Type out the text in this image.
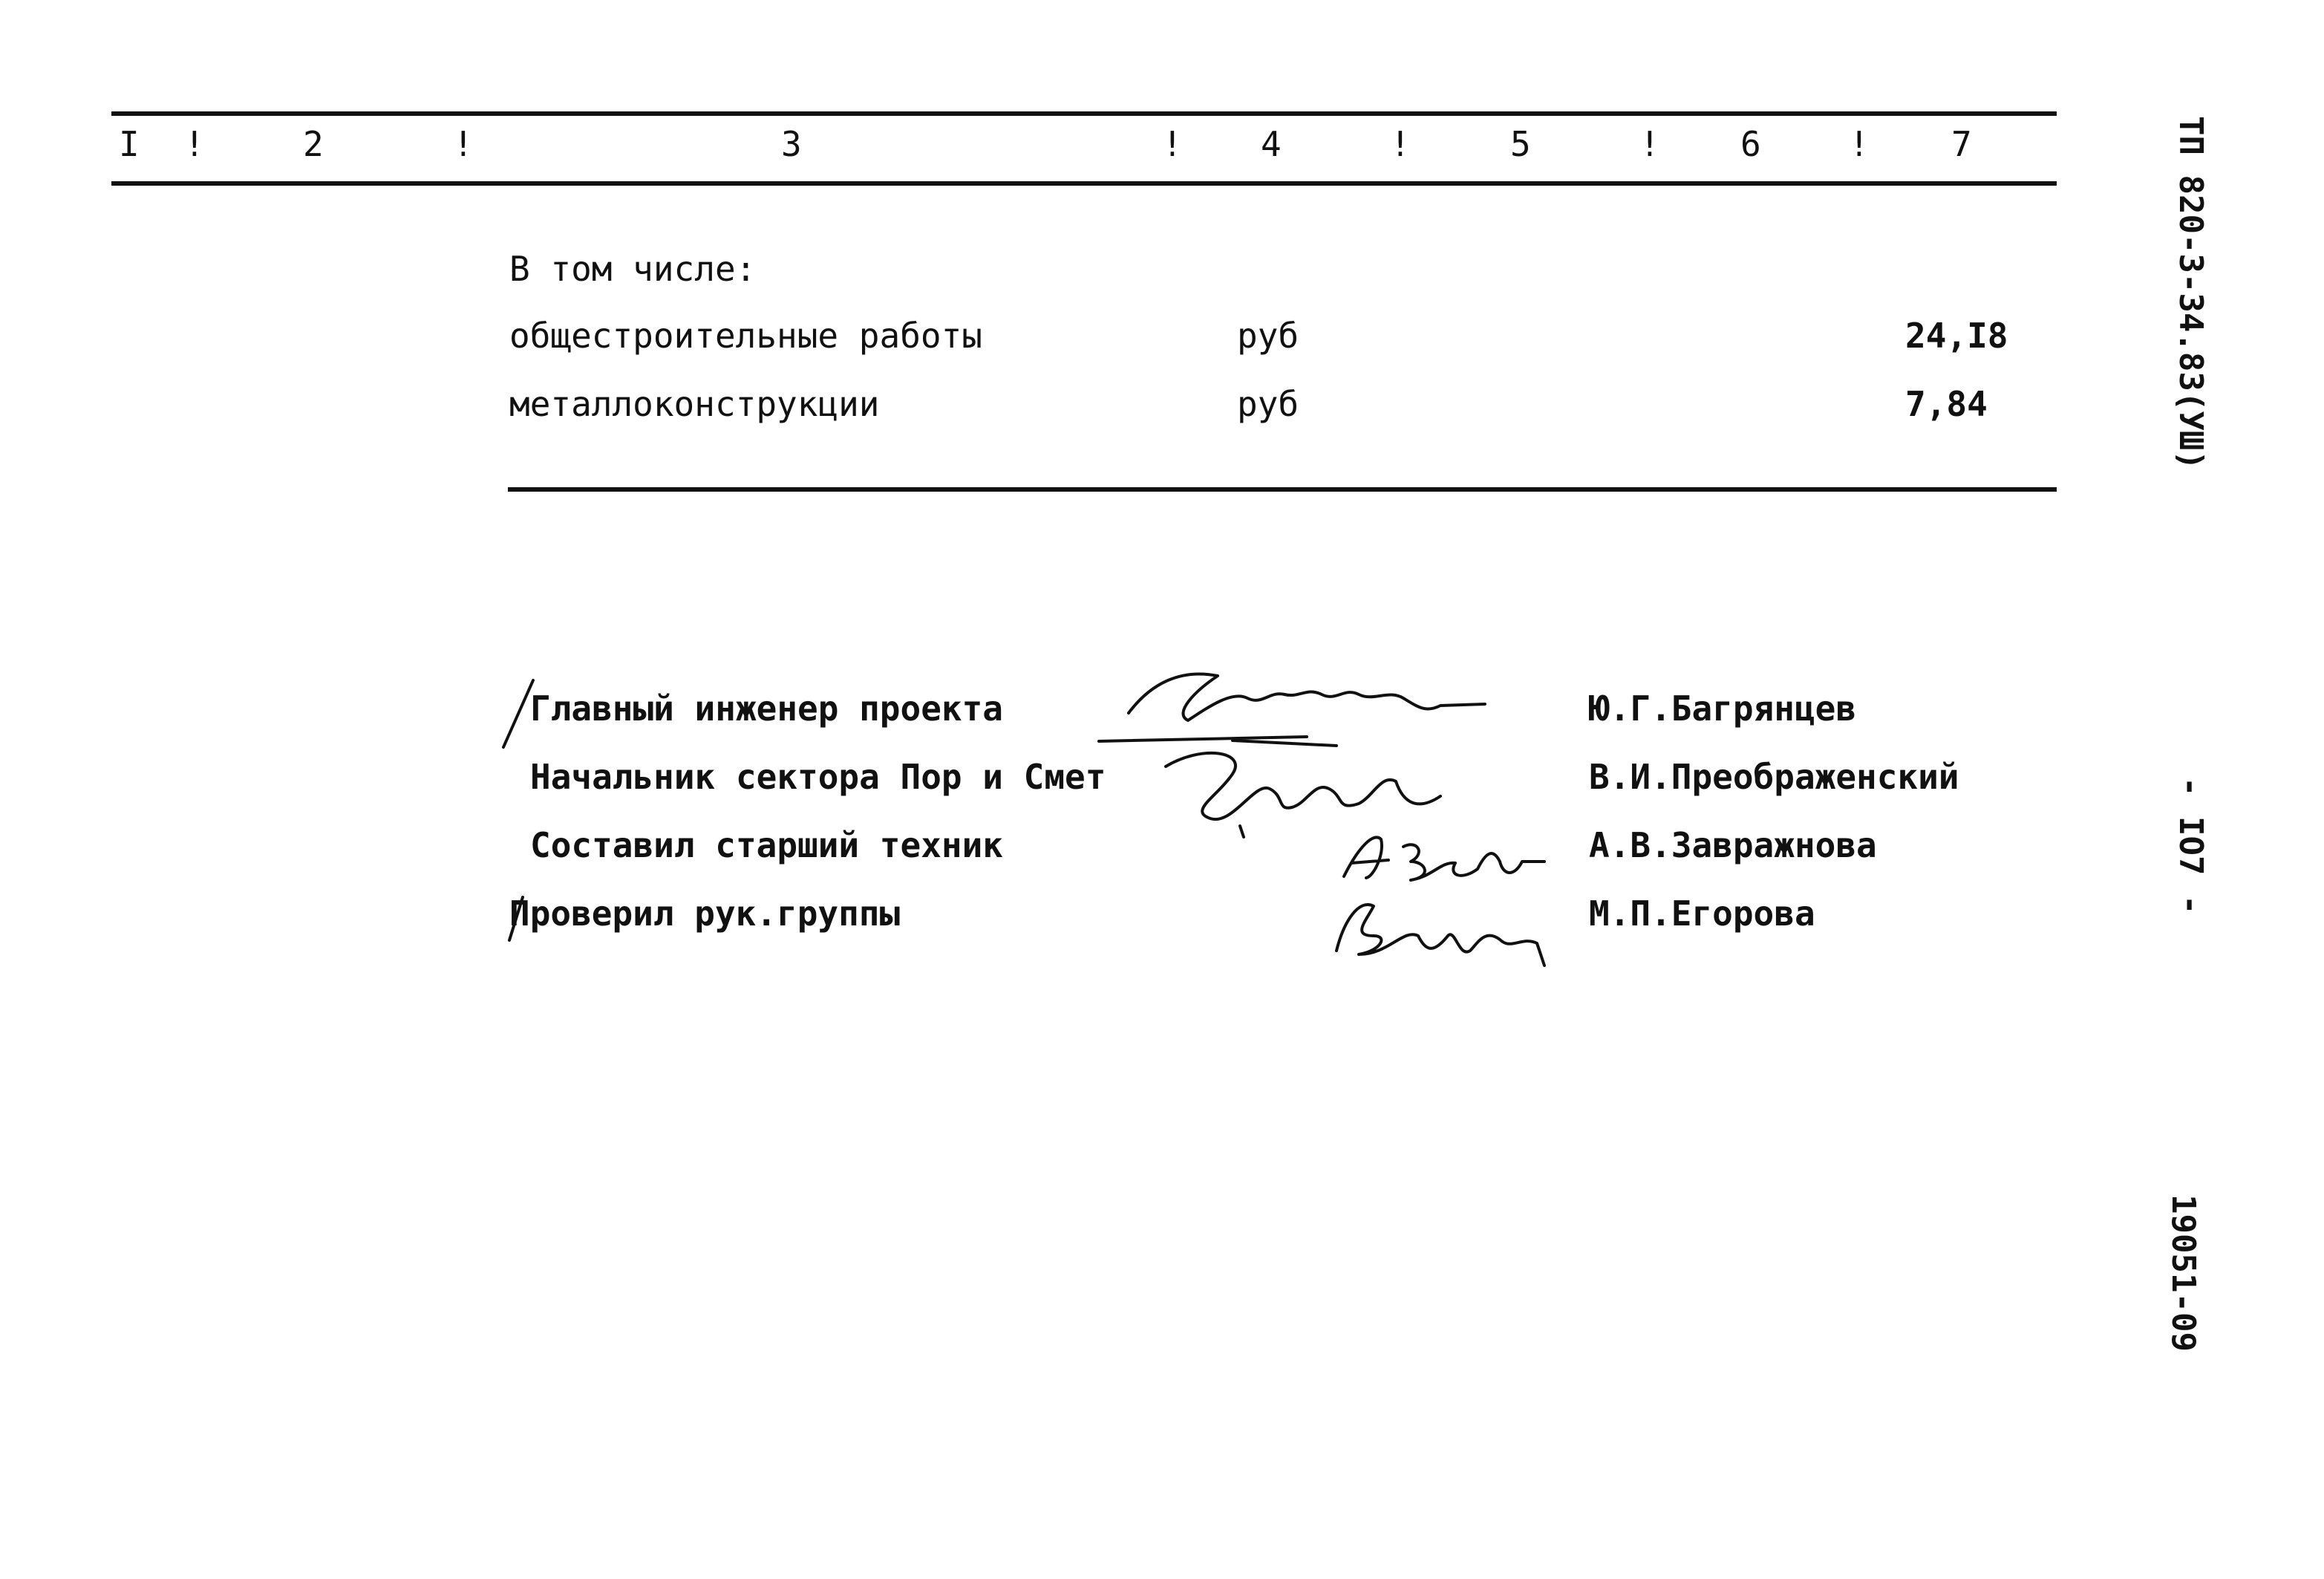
I !	2	!	3	! 4	!	5	! 6	! 7
В том числе:
общестроительные работы	руб	24,I8
металлоконструкции	руб	7,84
Главный инженер проекта	Ю.Г.Багрянцев
Начальник сектора Пор и Смет	В.И.Преображенский
Составил старший техник	А.В.Завражнова
Проверил рук.группы	М.П.Егорова
ТП 820-3-34.83(УШ)
- IO7 -
19051-09
